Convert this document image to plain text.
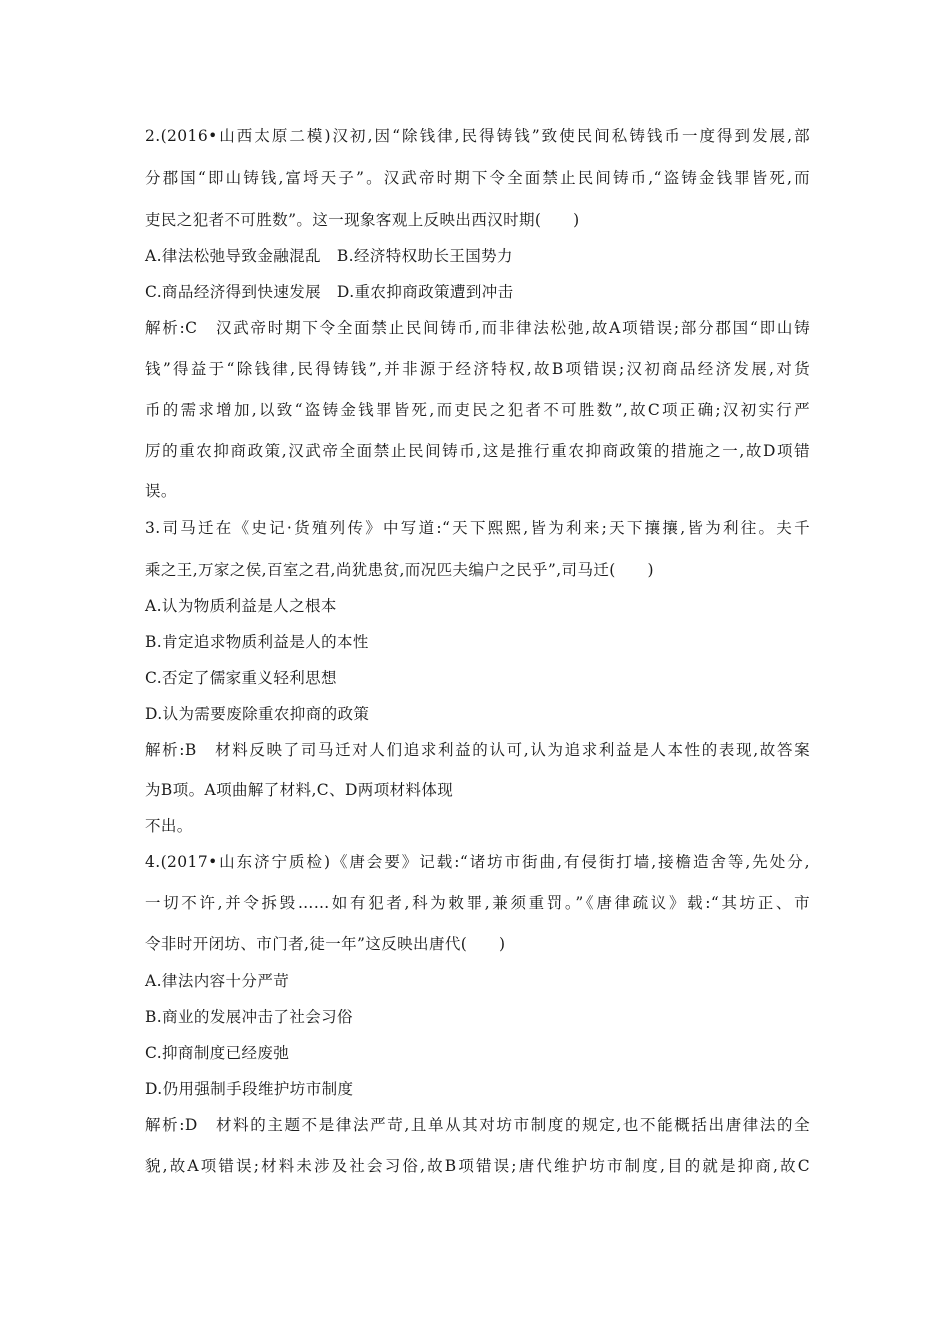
2.(2016•山西太原二模)汉初,因“除钱律,民得铸钱”致使民间私铸钱币一度得到发展,部
分郡国“即山铸钱,富埒天子”。汉武帝时期下令全面禁止民间铸币,“盗铸金钱罪皆死,而
吏民之犯者不可胜数”。这一现象客观上反映出西汉时期(　　)
A.律法松弛导致金融混乱　B.经济特权助长王国势力
C.商品经济得到快速发展　D.重农抑商政策遭到冲击
解析:C　汉武帝时期下令全面禁止民间铸币,而非律法松弛,故A项错误;部分郡国“即山铸
钱”得益于“除钱律,民得铸钱”,并非源于经济特权,故B项错误;汉初商品经济发展,对货
币的需求增加,以致“盗铸金钱罪皆死,而吏民之犯者不可胜数”,故C项正确;汉初实行严
厉的重农抑商政策,汉武帝全面禁止民间铸币,这是推行重农抑商政策的措施之一,故D项错
误。
3.司马迁在《史记·货殖列传》中写道:“天下熙熙,皆为利来;天下攘攘,皆为利往。夫千
乘之王,万家之侯,百室之君,尚犹患贫,而况匹夫编户之民乎”,司马迁(　　)
A.认为物质利益是人之根本
B.肯定追求物质利益是人的本性
C.否定了儒家重义轻利思想
D.认为需要废除重农抑商的政策
解析:B　材料反映了司马迁对人们追求利益的认可,认为追求利益是人本性的表现,故答案
为B项。A项曲解了材料,C、D两项材料体现
不出。
4.(2017•山东济宁质检)《唐会要》记载:“诸坊市街曲,有侵街打墙,接檐造舍等,先处分,
一切不许,并令拆毁……如有犯者,科为敕罪,兼须重罚。”《唐律疏议》载:“其坊正、市
令非时开闭坊、市门者,徒一年”这反映出唐代(　　)
A.律法内容十分严苛
B.商业的发展冲击了社会习俗
C.抑商制度已经废弛
D.仍用强制手段维护坊市制度
解析:D　材料的主题不是律法严苛,且单从其对坊市制度的规定,也不能概括出唐律法的全
貌,故A项错误;材料未涉及社会习俗,故B项错误;唐代维护坊市制度,目的就是抑商,故C
